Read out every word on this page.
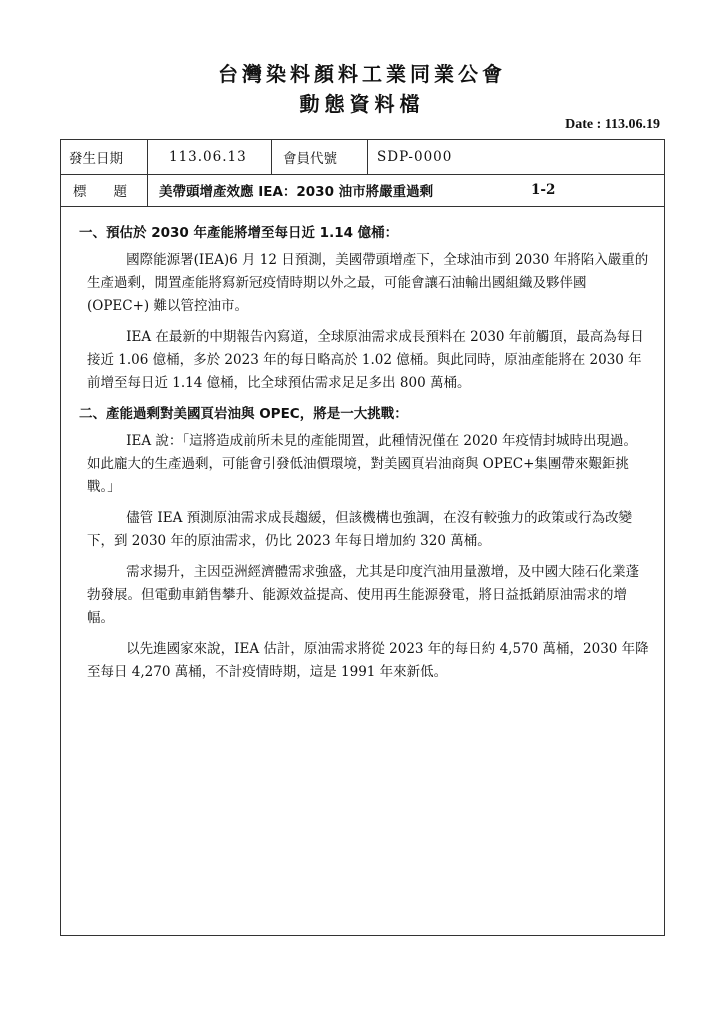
台灣染料顏料工業同業公會
動態資料檔
Date : 113.06.19
發生日期	113.06.13	會員代號	SDP-0000
標　　題 美帶頭增產效應 IEA：2030 油市將嚴重過剩	1-2

一、預估於 2030 年產能將增至每日近 1.14 億桶：

國際能源署(IEA)6 月 12 日預測，美國帶頭增產下，全球油市到 2030 年將陷入嚴重的生產過剩，閒置產能將寫新冠疫情時期以外之最，可能會讓石油輸出國組織及夥伴國 (OPEC+) 難以管控油市。

IEA 在最新的中期報告內寫道，全球原油需求成長預料在 2030 年前觸頂，最高為每日接近 1.06 億桶，多於 2023 年的每日略高於 1.02 億桶。與此同時，原油產能將在 2030 年前增至每日近 1.14 億桶，比全球預估需求足足多出 800 萬桶。

二、產能過剩對美國頁岩油與 OPEC，將是一大挑戰：

IEA 說：「這將造成前所未見的產能閒置，此種情況僅在 2020 年疫情封城時出現過。如此龐大的生產過剩，可能會引發低油價環境，對美國頁岩油商與 OPEC+集團帶來艱鉅挑戰。」

儘管 IEA 預測原油需求成長趨緩，但該機構也強調，在沒有較強力的政策或行為改變下，到 2030 年的原油需求，仍比 2023 年每日增加約 320 萬桶。

需求揚升，主因亞洲經濟體需求強盛，尤其是印度汽油用量激增，及中國大陸石化業蓬勃發展。但電動車銷售攀升、能源效益提高、使用再生能源發電，將日益抵銷原油需求的增幅。

以先進國家來說，IEA 估計，原油需求將從 2023 年的每日約 4,570 萬桶，2030 年降至每日 4,270 萬桶，不計疫情時期，這是 1991 年來新低。
